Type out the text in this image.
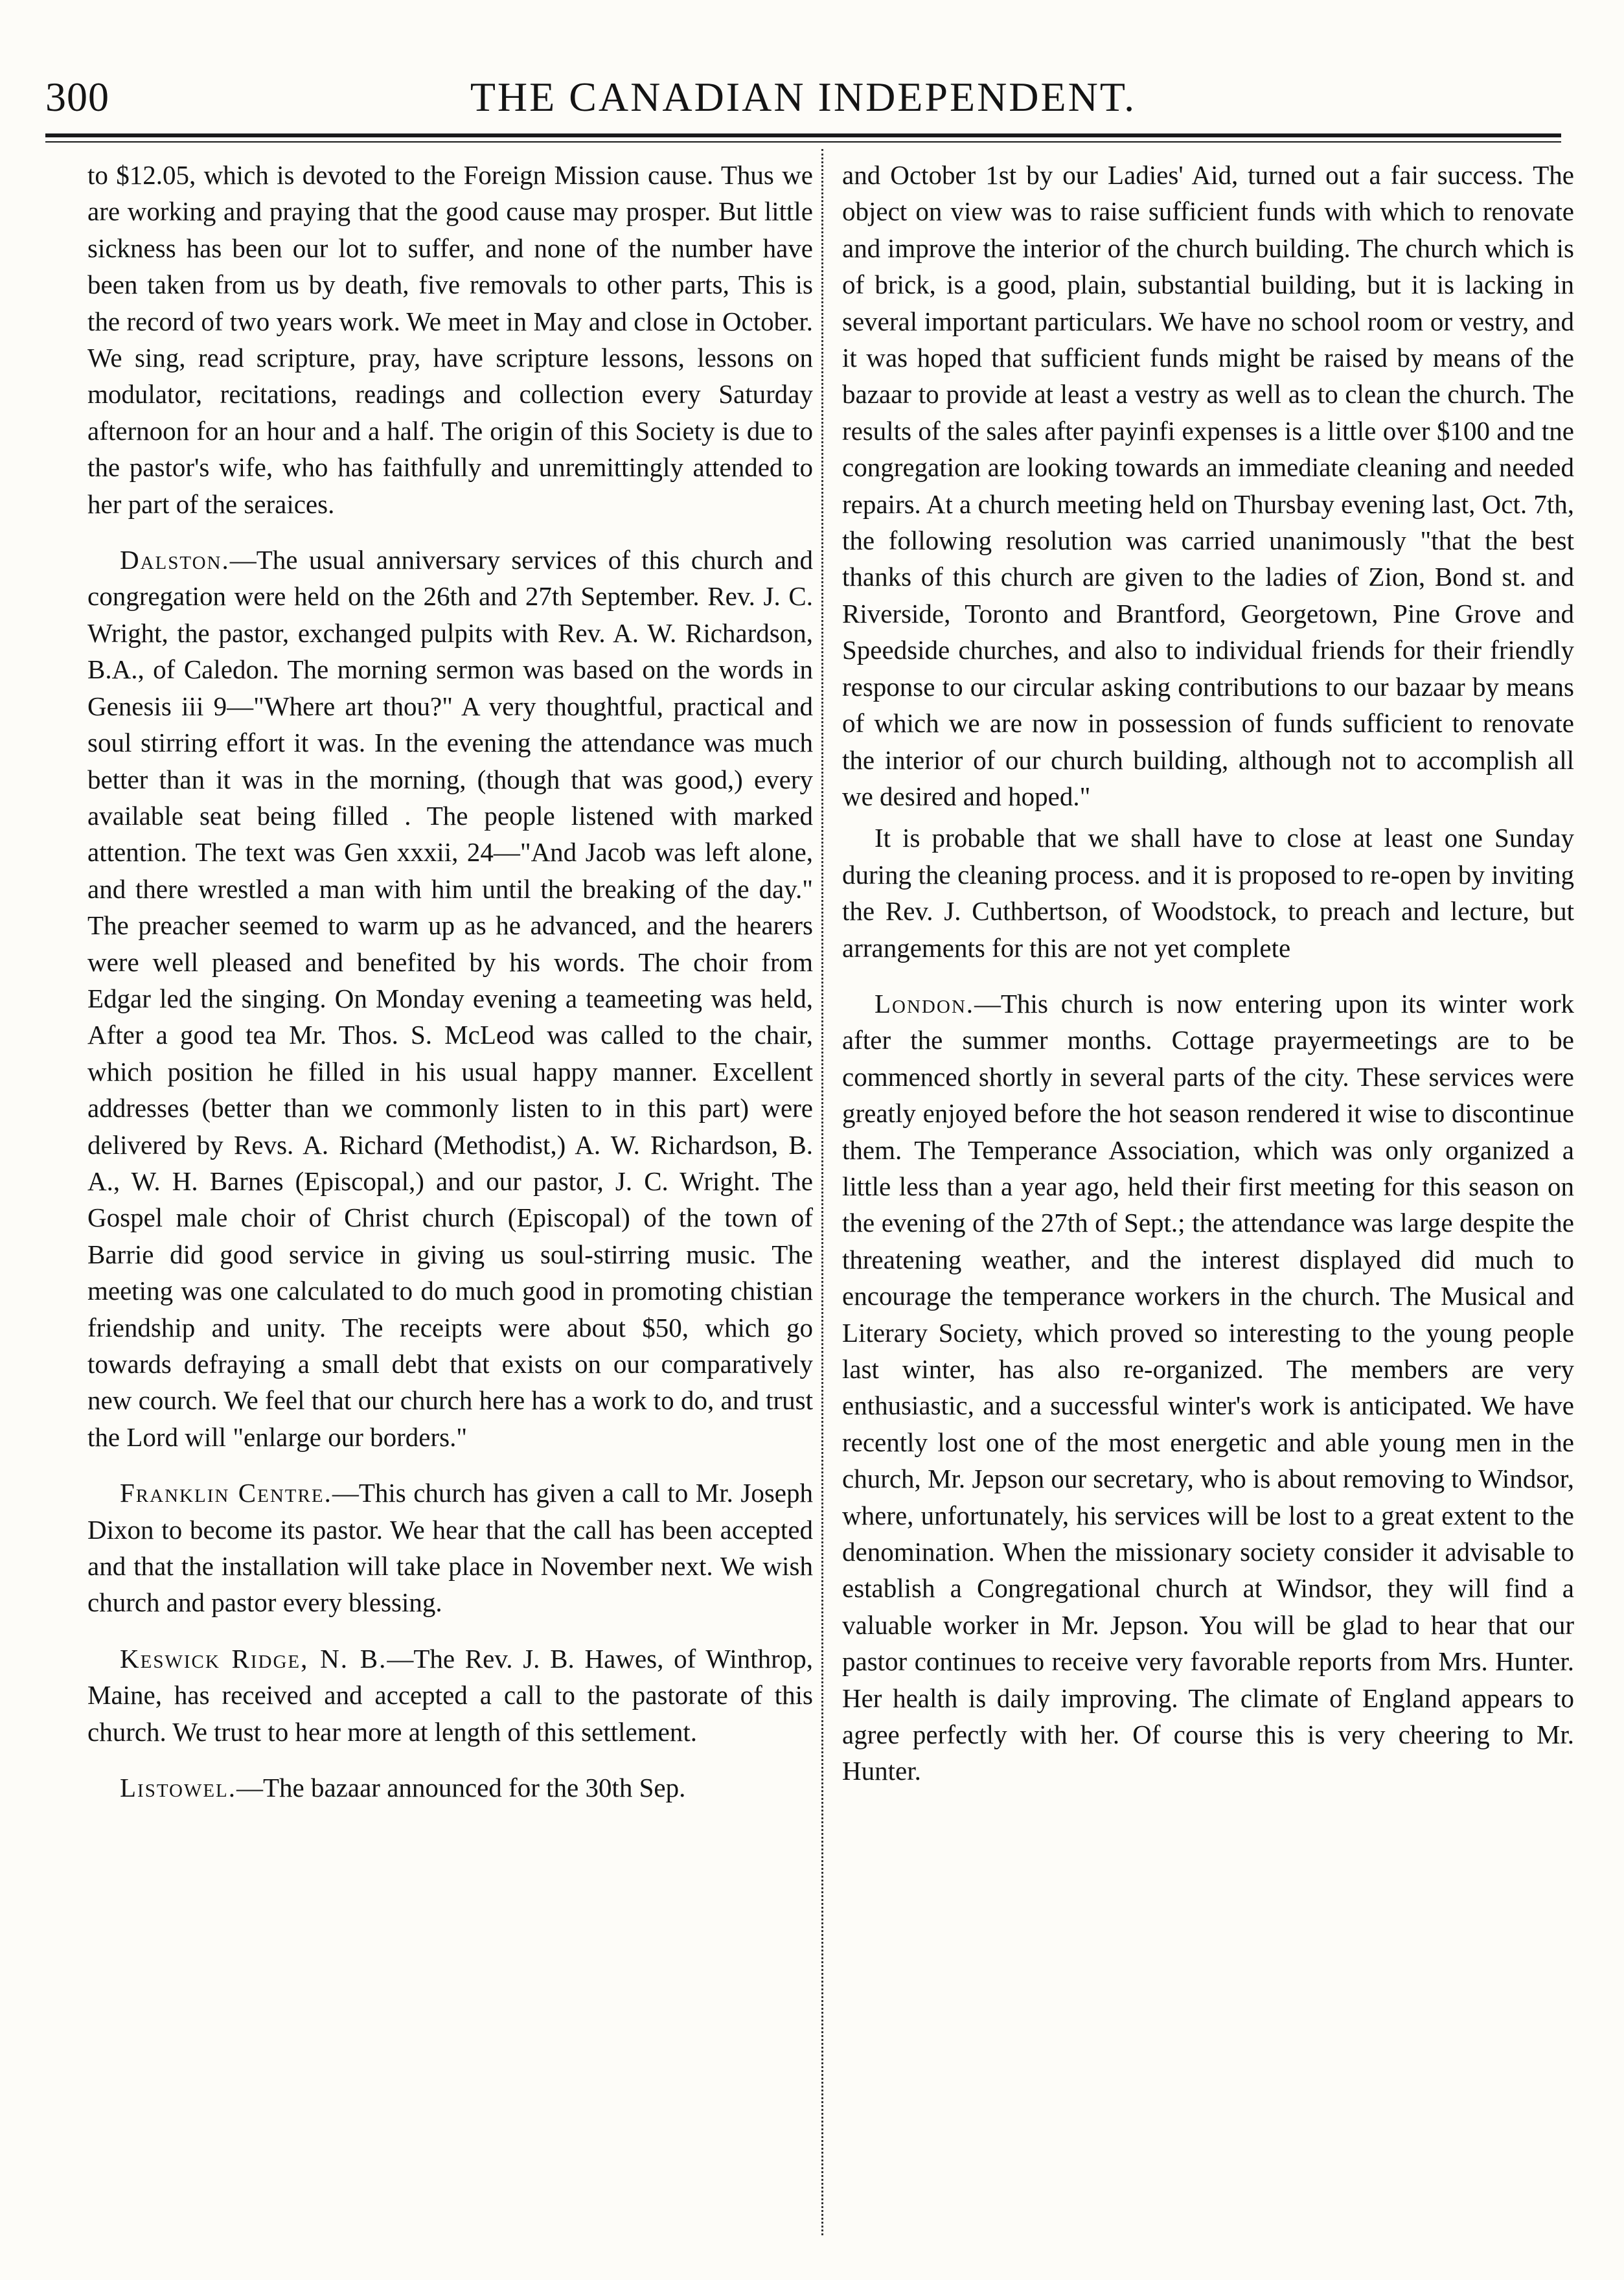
300	THE CANADIAN INDEPENDENT.

to $12.05, which is devoted to the Foreign Mission cause. Thus we are working and praying that the good cause may prosper. But little sickness has been our lot to suffer, and none of the number have been taken from us by death, five removals to other parts, This is the record of two years work. We meet in May and close in October. We sing, read scripture, pray, have scripture lessons, lessons on modulator, recitations, readings and collection every Saturday afternoon for an hour and a half. The origin of this Society is due to the pastor's wife, who has faithfully and unremittingly attended to her part of the seraices.

Dalston.—The usual anniversary services of this church and congregation were held on the 26th and 27th September. Rev. J. C. Wright, the pastor, exchanged pulpits with Rev. A. W. Richardson, B.A., of Caledon. The morning sermon was based on the words in Genesis iii 9—"Where art thou?" A very thoughtful, practical and soul stirring effort it was. In the evening the attendance was much better than it was in the morning, (though that was good,) every available seat being filled . The people listened with marked attention. The text was Gen xxxii, 24—"And Jacob was left alone, and there wrestled a man with him until the breaking of the day." The preacher seemed to warm up as he advanced, and the hearers were well pleased and benefited by his words. The choir from Edgar led the singing. On Monday evening a teameeting was held, After a good tea Mr. Thos. S. McLeod was called to the chair, which position he filled in his usual happy manner. Excellent addresses (better than we commonly listen to in this part) were delivered by Revs. A. Richard (Methodist,) A. W. Richardson, B. A., W. H. Barnes (Episcopal,) and our pastor, J. C. Wright. The Gospel male choir of Christ church (Episcopal) of the town of Barrie did good service in giving us soul-stirring music. The meeting was one calculated to do much good in promoting chistian friendship and unity. The receipts were about $50, which go towards defraying a small debt that exists on our comparatively new courch. We feel that our church here has a work to do, and trust the Lord will "enlarge our borders."

Franklin Centre.—This church has given a call to Mr. Joseph Dixon to become its pastor. We hear that the call has been accepted and that the installation will take place in November next. We wish church and pastor every blessing.

Keswick Ridge, N. B.—The Rev. J. B. Hawes, of Winthrop, Maine, has received and accepted a call to the pastorate of this church. We trust to hear more at length of this settlement.

Listowel.—The bazaar announced for the 30th Sep.

and October 1st by our Ladies' Aid, turned out a fair success. The object on view was to raise sufficient funds with which to renovate and improve the interior of the church building. The church which is of brick, is a good, plain, substantial building, but it is lacking in several important particulars. We have no school room or vestry, and it was hoped that sufficient funds might be raised by means of the bazaar to provide at least a vestry as well as to clean the church. The results of the sales after payinfi expenses is a little over $100 and tne congregation are looking towards an immediate cleaning and needed repairs. At a church meeting held on Thursbay evening last, Oct. 7th, the following resolution was carried unanimously "that the best thanks of this church are given to the ladies of Zion, Bond st. and Riverside, Toronto and Brantford, Georgetown, Pine Grove and Speedside churches, and also to individual friends for their friendly response to our circular asking contributions to our bazaar by means of which we are now in possession of funds sufficient to renovate the interior of our church building, although not to accomplish all we desired and hoped."

It is probable that we shall have to close at least one Sunday during the cleaning process. and it is proposed to re-open by inviting the Rev. J. Cuthbertson, of Woodstock, to preach and lecture, but arrangements for this are not yet complete

London.—This church is now entering upon its winter work after the summer months. Cottage prayermeetings are to be commenced shortly in several parts of the city. These services were greatly enjoyed before the hot season rendered it wise to discontinue them. The Temperance Association, which was only organized a little less than a year ago, held their first meeting for this season on the evening of the 27th of Sept.; the attendance was large despite the threatening weather, and the interest displayed did much to encourage the temperance workers in the church. The Musical and Literary Society, which proved so interesting to the young people last winter, has also re-organized. The members are very enthusiastic, and a successful winter's work is anticipated. We have recently lost one of the most energetic and able young men in the church, Mr. Jepson our secretary, who is about removing to Windsor, where, unfortunately, his services will be lost to a great extent to the denomination. When the missionary society consider it advisable to establish a Congregational church at Windsor, they will find a valuable worker in Mr. Jepson. You will be glad to hear that our pastor continues to receive very favorable reports from Mrs. Hunter. Her health is daily improving. The climate of England appears to agree perfectly with her. Of course this is very cheering to Mr. Hunter.
